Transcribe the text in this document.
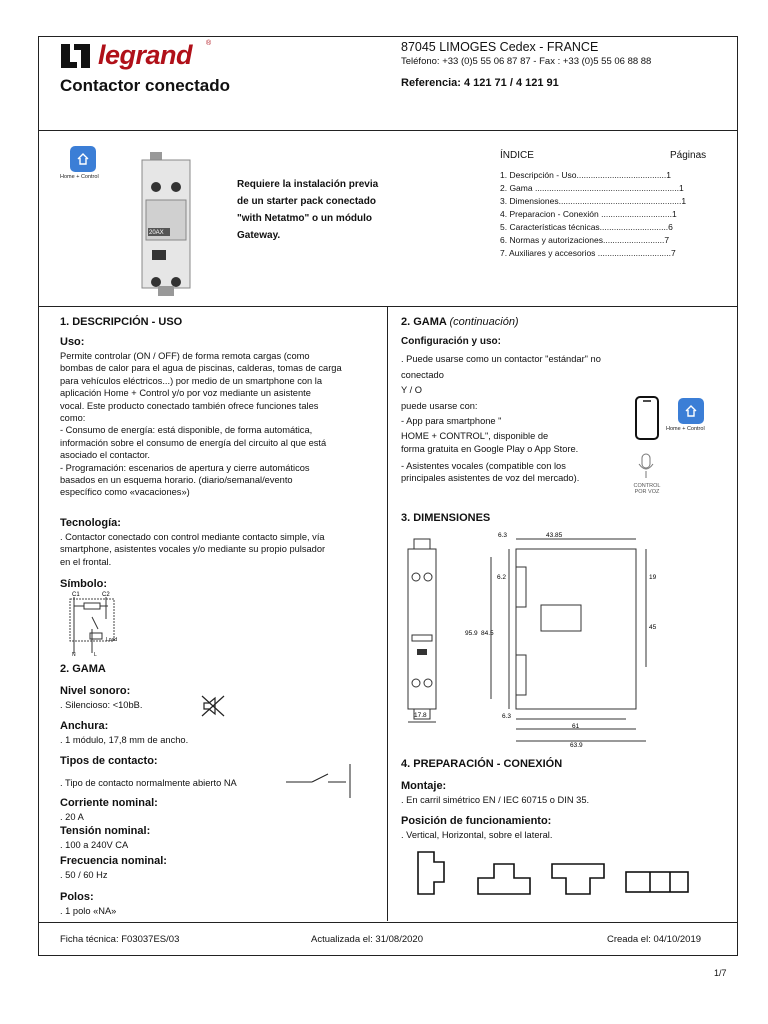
legrand ®
Contactor conectado
87045 LIMOGES Cedex - FRANCE
Teléfono: +33 (0)5 55 06 87 87 - Fax : +33 (0)5 55 06 88 88
Referencia: 4 121 71 / 4 121 91
Home + Control
20AX
Requiere la instalación previa de un starter pack conectado "with Netatmo" o un módulo Gateway.
ÍNDICE	Páginas
1. Descripción - Uso......................................1
2. Gama .............................................................1
3. Dimensiones....................................................1
4. Preparacion - Conexión ..............................1
5. Características técnicas.............................6
6. Normas y autorizaciones..........................7
7. Auxiliares y accesorios ...............................7
1. DESCRIPCIÓN - USO
Uso:
Permite controlar (ON / OFF) de forma remota cargas (como
bombas de calor para el agua de piscinas, calderas, tomas de carga
para vehículos eléctricos...) por medio de un smartphone con la
aplicación Home + Control y/o por voz mediante un asistente
vocal. Este producto conectado también ofrece funciones tales
como:
- Consumo de energía: está disponible, de forma automática,
información sobre el consumo de energía del circuito al que está
asociado el contactor.
- Programación: escenarios de apertura y cierre automáticos
basados en un esquema horario. (diario/semanal/evento
específico como «vacaciones»)
Tecnología:
. Contactor conectado con control mediante contacto simple, vía
smartphone, asistentes vocales y/o mediante su propio pulsador
en el frontal.
Símbolo:
C1	C2
Load
N	L
2. GAMA
Nivel sonoro:
. Silencioso: <10bB.
Anchura:
. 1 módulo, 17,8 mm de ancho.
Tipos de contacto:
. Tipo de contacto normalmente abierto NA
Corriente nominal:
. 20 A
Tensión nominal:
. 100 a 240V CA
Frecuencia nominal:
. 50 / 60 Hz
Polos:
. 1 polo «NA»
2. GAMA (continuación)
Configuración y uso:
. Puede usarse como un contactor "estándar" no conectado
Y / O
puede usarse con:
- App para smartphone "
HOME + CONTROL", disponible de
forma gratuita en Google Play o App Store.
Home + Control
- Asistentes vocales (compatible con los
principales asistentes de voz del mercado).
CONTROL POR VOZ
3. DIMENSIONES
17.8
6.3	43.85
6.2	19
95.9 84.5
45
6.3
61
63.9
4. PREPARACIÓN - CONEXIÓN
Montaje:
. En carril simétrico EN / IEC 60715 o DIN 35.
Posición de funcionamiento:
. Vertical, Horizontal, sobre el lateral.
Ficha técnica: F03037ES/03	Actualizada el: 31/08/2020	Creada el: 04/10/2019
1/7
